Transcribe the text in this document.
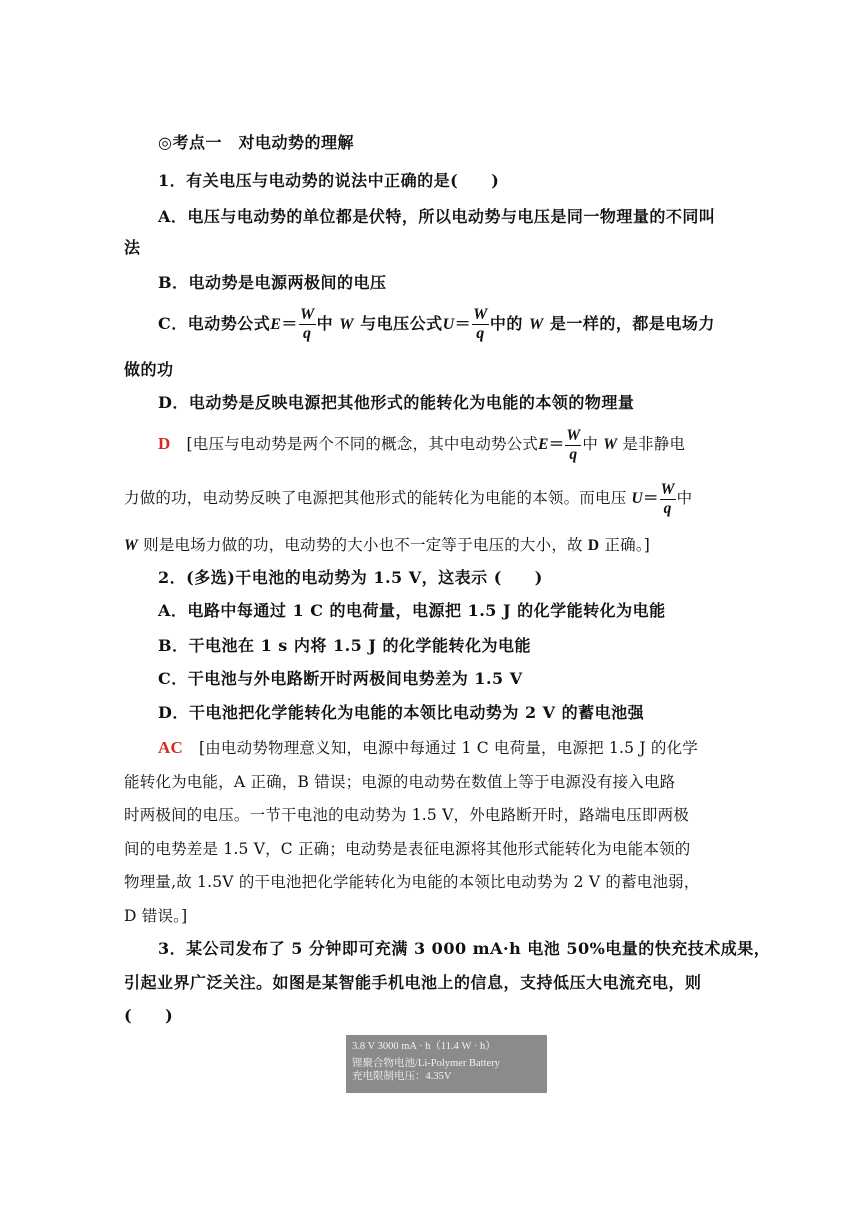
◎考点一　对电动势的理解
1．有关电压与电动势的说法中正确的是(　　)
A．电压与电动势的单位都是伏特，所以电动势与电压是同一物理量的不同叫
法
B．电动势是电源两极间的电压
C．电动势公式$E= \frac{W}{q}$ 中 W 与电压公式$U= \frac{W}{q}$ 中的 W 是一样的，都是电场力
做的功
D．电动势是反映电源把其他形式的能转化为电能的本领的物理量
D [电压与电动势是两个不同的概念，其中电动势公式$E= \frac{W}{q}$ 中 W 是非静电
力做的功，电动势反映了电源把其他形式的能转化为电能的本领。而电压 $U= \frac{W}{q}$ 中
W 则是电场力做的功，电动势的大小也不一定等于电压的大小，故 D 正确。]
2．(多选)干电池的电动势为 1.5 V，这表示 (　　)
A．电路中每通过 1 C 的电荷量，电源把 1.5 J 的化学能转化为电能
B．干电池在 1 s 内将 1.5 J 的化学能转化为电能
C．干电池与外电路断开时两极间电势差为 1.5 V
D．干电池把化学能转化为电能的本领比电动势为 2 V 的蓄电池强
AC [由电动势物理意义知，电源中每通过 1 C 电荷量，电源把 1.5 J 的化学
能转化为电能，A 正确，B 错误；电源的电动势在数值上等于电源没有接入电路
时两极间的电压。一节干电池的电动势为 1.5 V，外电路断开时，路端电压即两极
间的电势差是 1.5 V，C 正确；电动势是表征电源将其他形式能转化为电能本领的
物理量,故 1.5V 的干电池把化学能转化为电能的本领比电动势为 2 V 的蓄电池弱，
D 错误。]
3．某公司发布了 5 分钟即可充满 3 000 mA·h 电池 50%电量的快充技术成果，
引起业界广泛关注。如图是某智能手机电池上的信息，支持低压大电流充电，则
(　　)
3.8 V 3000 mA · h（11.4 W · h）
锂聚合物电池/Li-Polymer Battery
充电限制电压：4.35V
